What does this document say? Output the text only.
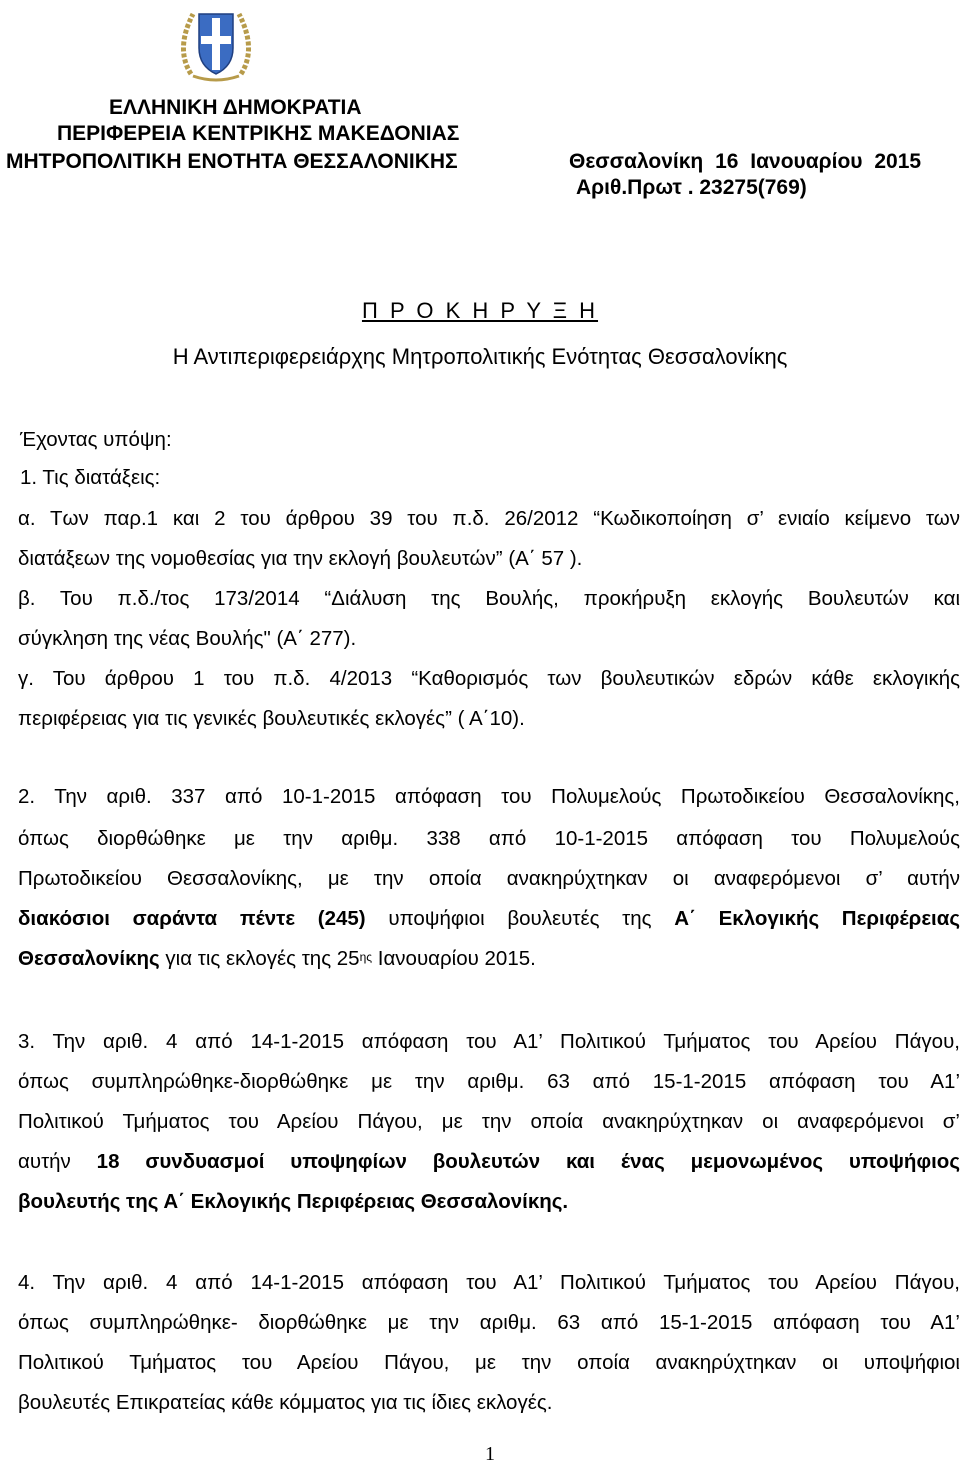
ΕΛΛΗΝΙΚΗ ΔΗΜΟΚΡΑΤΙΑ
ΠΕΡΙΦΕΡΕΙΑ ΚΕΝΤΡΙΚΗΣ ΜΑΚΕΔΟΝΙΑΣ
ΜΗΤΡΟΠΟΛΙΤΙΚΗ ΕΝΟΤΗΤΑ ΘΕΣΣΑΛΟΝΙΚΗΣ	Θεσσαλονίκη 16 Ιανουαρίου 2015
Αριθ.Πρωτ . 23275(769)
Π Ρ Ο Κ Η Ρ Υ Ξ Η
Η Αντιπεριφερειάρχης Μητροπολιτικής Ενότητας Θεσσαλονίκης
Έχοντας υπόψη:
1. Τις διατάξεις:
α. Των παρ.1 και 2 του άρθρου 39 του π.δ. 26/2012 “Κωδικοποίηση σ’ ενιαίο κείμενο των
διατάξεων της νομοθεσίας για την εκλογή βουλευτών” (Α΄ 57 ).
β. Του π.δ./τος 173/2014 “Διάλυση της Βουλής, προκήρυξη εκλογής Βουλευτών και
σύγκληση της νέας Βουλής" (Α΄ 277).
γ. Του άρθρου 1 του π.δ. 4/2013 “Καθορισμός των βουλευτικών εδρών κάθε εκλογικής
περιφέρειας για τις γενικές βουλευτικές εκλογές” ( Α΄10).
2. Την αριθ. 337 από 10-1-2015 απόφαση του Πολυμελούς Πρωτοδικείου Θεσσαλονίκης,
όπως διορθώθηκε με την αριθμ. 338 από 10-1-2015 απόφαση του Πολυμελούς
Πρωτοδικείου Θεσσαλονίκης, με την οποία ανακηρύχτηκαν οι αναφερόμενοι σ’ αυτήν
διακόσιοι σαράντα πέντε (245) υποψήφιοι βουλευτές της Α΄ Εκλογικής Περιφέρειας
Θεσσαλονίκης για τις εκλογές της $25^{\eta\varsigma}$ Ιανουαρίου 2015.
3. Την αριθ. 4 από 14-1-2015 απόφαση του Α1’ Πολιτικού Τμήματος του Αρείου Πάγου,
όπως συμπληρώθηκε-διορθώθηκε με την αριθμ. 63 από 15-1-2015 απόφαση του Α1’
Πολιτικού Τμήματος του Αρείου Πάγου, με την οποία ανακηρύχτηκαν οι αναφερόμενοι σ’
αυτήν 18 συνδυασμοί υποψηφίων βουλευτών και ένας μεμονωμένος υποψήφιος
βουλευτής της Α΄ Εκλογικής Περιφέρειας Θεσσαλονίκης.
4. Την αριθ. 4 από 14-1-2015 απόφαση του Α1’ Πολιτικού Τμήματος του Αρείου Πάγου,
όπως συμπληρώθηκε- διορθώθηκε με την αριθμ. 63 από 15-1-2015 απόφαση του Α1’
Πολιτικού Τμήματος του Αρείου Πάγου, με την οποία ανακηρύχτηκαν οι υποψήφιοι
βουλευτές Επικρατείας κάθε κόμματος για τις ίδιες εκλογές.
1
